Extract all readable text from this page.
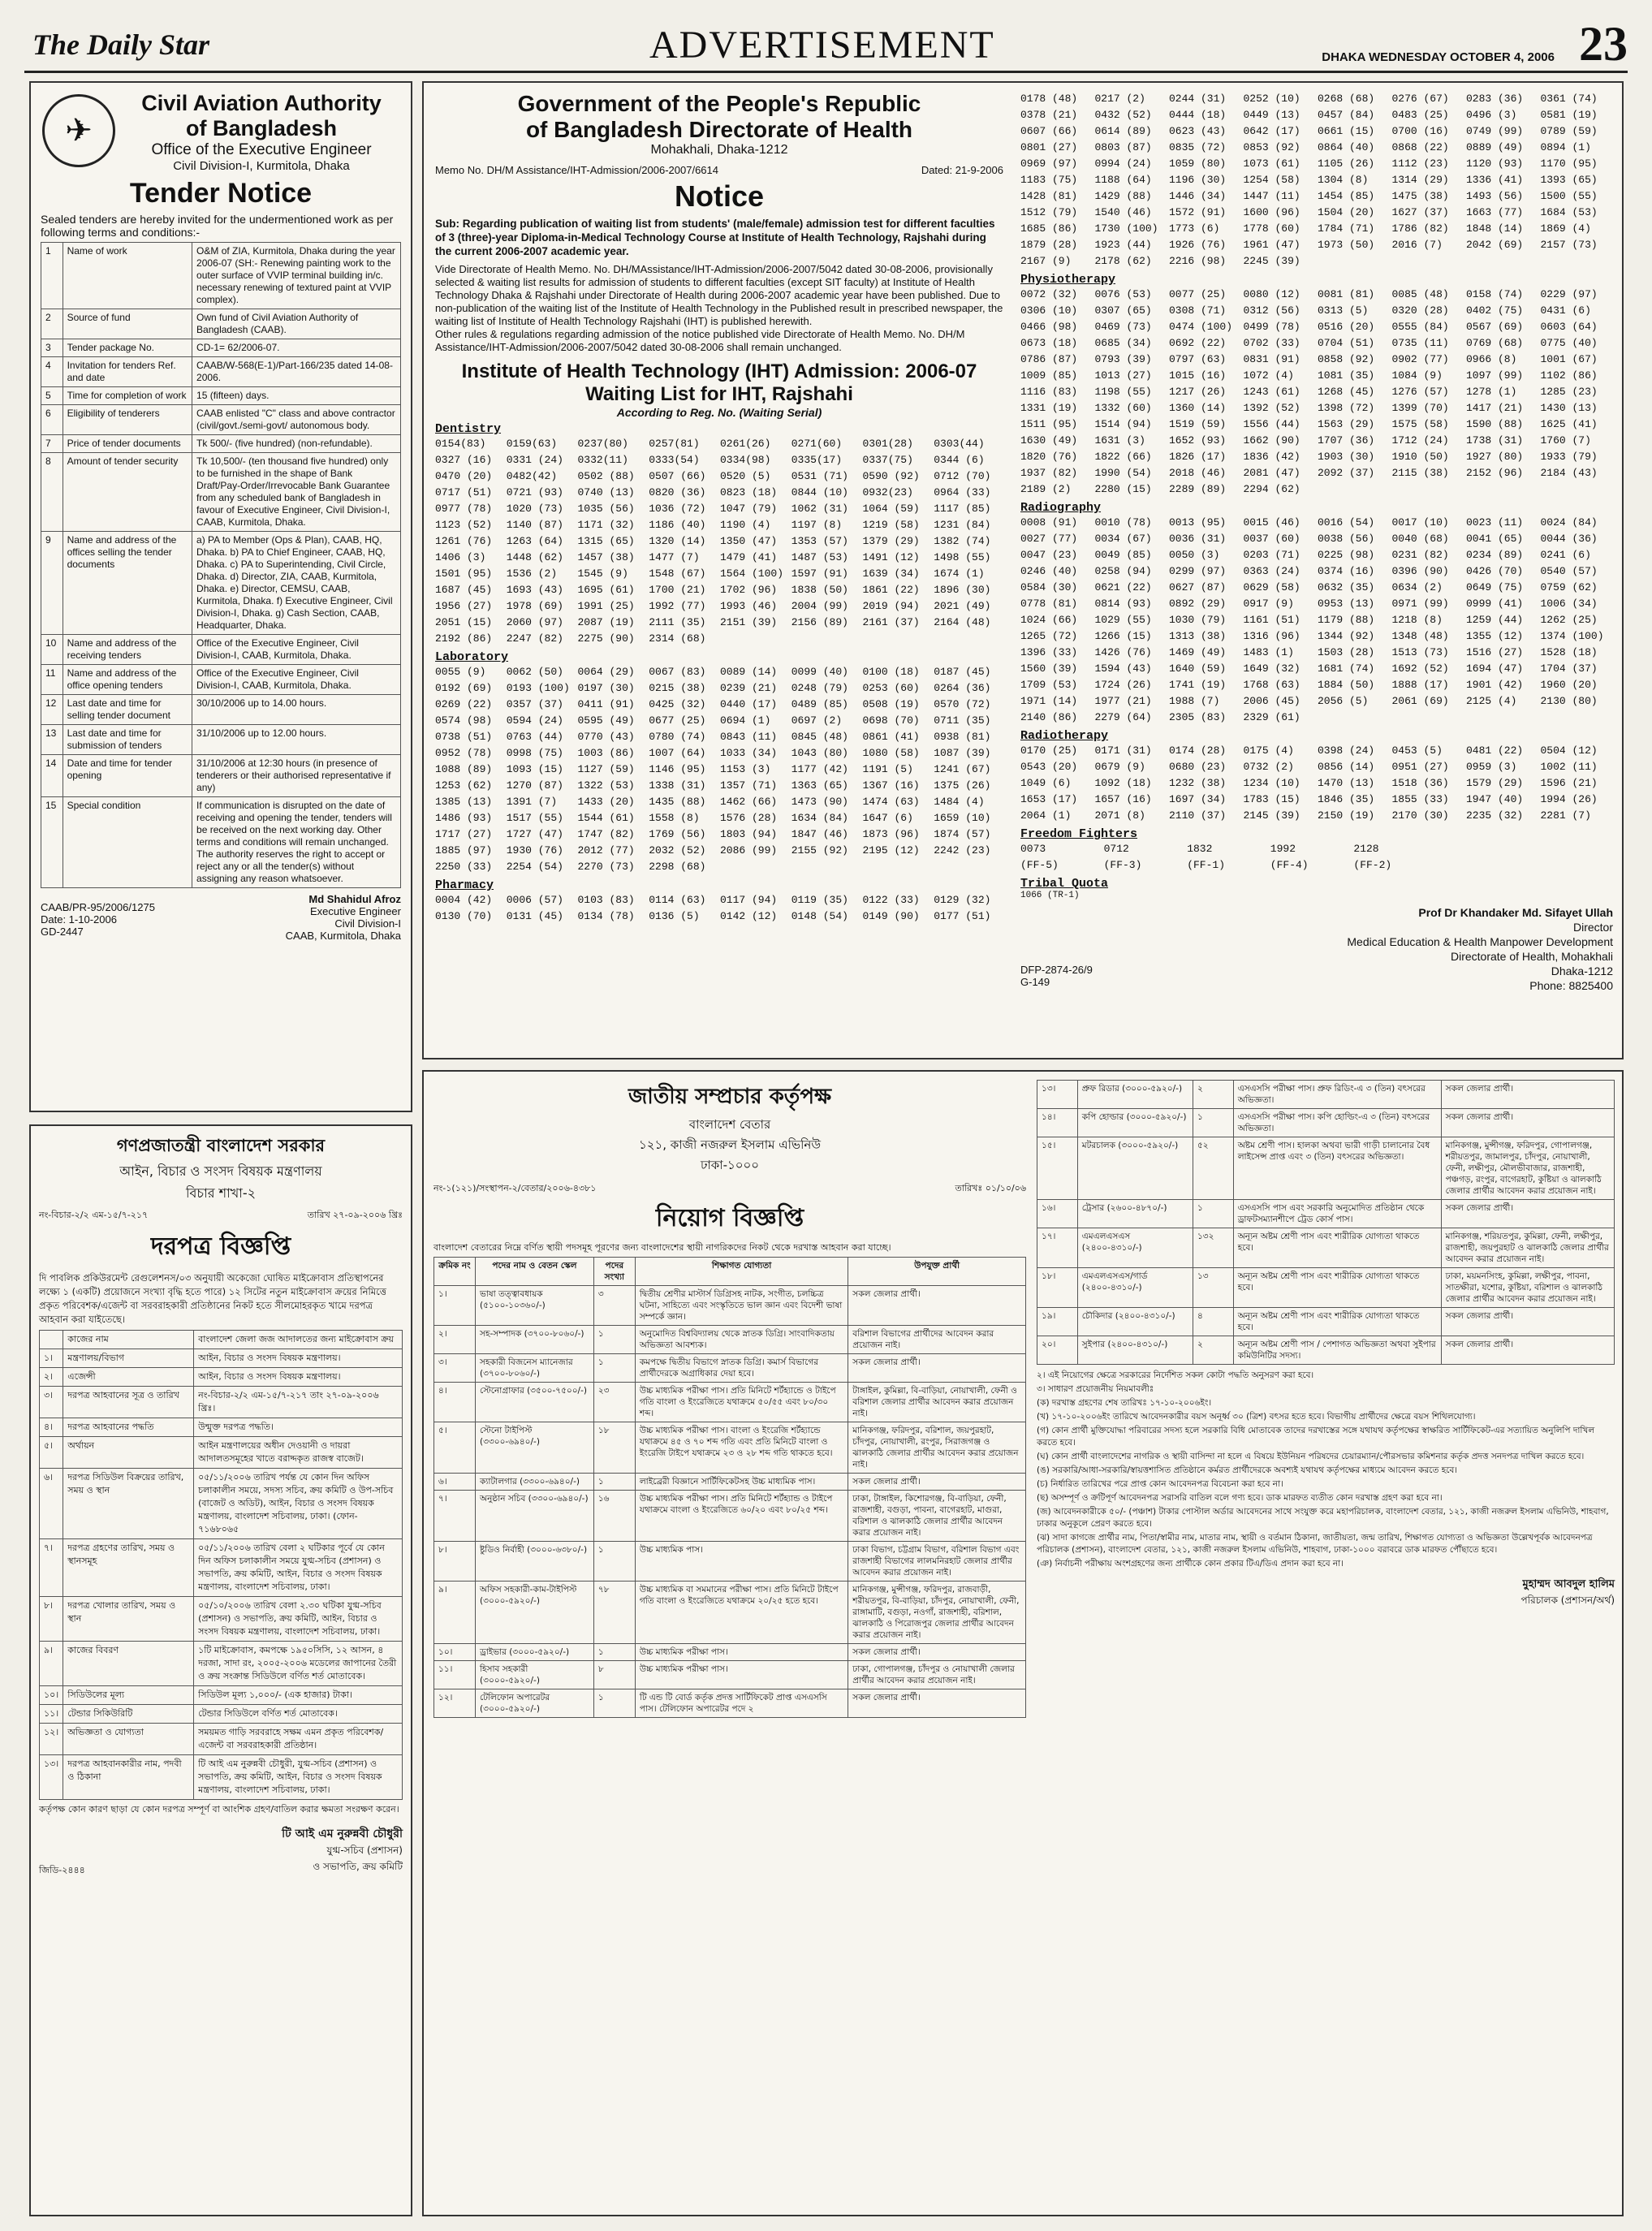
The Daily Star	ADVERTISEMENT	DHAKA WEDNESDAY OCTOBER 4, 2006 23
✈
Civil Aviation Authority
of Bangladesh
Office of the Executive Engineer
Civil Division-I, Kurmitola, Dhaka
Tender Notice
Sealed tenders are hereby invited for the undermentioned work as per following terms and conditions:-
1	Name of work	O&M of ZIA, Kurmitola, Dhaka during the year 2006-07 (SH:- Renewing painting work to the outer surface of VVIP terminal building in/c. necessary renewing of textured paint at VVIP complex).
2	Source of fund	Own fund of Civil Aviation Authority of Bangladesh (CAAB).
3	Tender package No.	CD-1= 62/2006-07.
4	Invitation for tenders Ref. and date	CAAB/W-568(E-1)/Part-166/235 dated 14-08-2006.
5	Time for completion of work	15 (fifteen) days.
6	Eligibility of tenderers	CAAB enlisted "C" class and above contractor (civil/govt./semi-govt/ autonomous body.
7	Price of tender documents	Tk 500/- (five hundred) (non-refundable).
8	Amount of tender security	Tk 10,500/- (ten thousand five hundred) only to be furnished in the shape of Bank Draft/Pay-Order/Irrevocable Bank Guarantee from any scheduled bank of Bangladesh in favour of Executive Engineer, Civil Division-I, CAAB, Kurmitola, Dhaka.
9	Name and address of the offices selling the tender documents	a) PA to Member (Ops & Plan), CAAB, HQ, Dhaka. b) PA to Chief Engineer, CAAB, HQ, Dhaka. c) PA to Superintending, Civil Circle, Dhaka. d) Director, ZIA, CAAB, Kurmitola, Dhaka. e) Director, CEMSU, CAAB, Kurmitola, Dhaka. f) Executive Engineer, Civil Division-I, Dhaka. g) Cash Section, CAAB, Headquarter, Dhaka.
10	Name and address of the receiving tenders	Office of the Executive Engineer, Civil Division-I, CAAB, Kurmitola, Dhaka.
11	Name and address of the office opening tenders	Office of the Executive Engineer, Civil Division-I, CAAB, Kurmitola, Dhaka.
12	Last date and time for selling tender document	30/10/2006 up to 14.00 hours.
13	Last date and time for submission of tenders	31/10/2006 up to 12.00 hours.
14	Date and time for tender opening	31/10/2006 at 12:30 hours (in presence of tenderers or their authorised representative if any)
15	Special condition	If communication is disrupted on the date of receiving and opening the tender, tenders will be received on the next working day. Other terms and conditions will remain unchanged. The authority reserves the right to accept or reject any or all the tender(s) without assigning any reason whatsoever.
Md Shahidul Afroz
Executive Engineer
Civil Division-I
CAAB, Kurmitola, Dhaka
CAAB/PR-95/2006/1275
Date: 1-10-2006
GD-2447
Government of the People's Republic
of Bangladesh Directorate of Health
Mohakhali, Dhaka-1212
Memo No. DH/M Assistance/IHT-Admission/2006-2007/6614	Dated: 21-9-2006
Notice
Sub: Regarding publication of waiting list from students' (male/female) admission test for different faculties of 3 (three)-year Diploma-in-Medical Technology Course at Institute of Health Technology, Rajshahi during the current 2006-2007 academic year.
Vide Directorate of Health Memo. No. DH/MAssistance/IHT-Admission/2006-2007/5042 dated 30-08-2006, provisionally selected & waiting list results for admission of students to different faculties (except SIT faculty) at Institute of Health Technology Dhaka & Rajshahi under Directorate of Health during 2006-2007 academic year have been published. Due to non-publication of the waiting list of the Institute of Health Technology in the Published result in prescribed newspaper, the waiting list of Institute of Health Technology Rajshahi (IHT) is published herewith.
Other rules & regulations regarding admission of the notice published vide Directorate of Health Memo. No. DH/M Assistance/IHT-Admission/2006-2007/5042 dated 30-08-2006 shall remain unchanged.
Institute of Health Technology (IHT) Admission: 2006-07
Waiting List for IHT, Rajshahi
According to Reg. No. (Waiting Serial)
Dentistry
0154(83)	0159(63)	0237(80)	0257(81)	0261(26)	0271(60)	0301(28)	0303(44)
0327 (16)	0331 (24)	0332(11)	0333(54)	0334(98)	0335(17)	0337(75)	0344 (6)
0470 (20)	0482(42)	0502 (88)	0507 (66)	0520 (5)	0531 (71)	0590 (92)	0712 (70)
0717 (51)	0721 (93)	0740 (13)	0820 (36)	0823 (18)	0844 (10)	0932(23)	0964 (33)
0977 (78)	1020 (73)	1035 (56)	1036 (72)	1047 (79)	1062 (31)	1064 (59)	1117 (85)
1123 (52)	1140 (87)	1171 (32)	1186 (40)	1190 (4)	1197 (8)	1219 (58)	1231 (84)
1261 (76)	1263 (64)	1315 (65)	1320 (14)	1350 (47)	1353 (57)	1379 (29)	1382 (74)
1406 (3)	1448 (62)	1457 (38)	1477 (7)	1479 (41)	1487 (53)	1491 (12)	1498 (55)
1501 (95)	1536 (2)	1545 (9)	1548 (67)	1564 (100) 1597 (91)	1639 (34)	1674 (1)
1687 (45)	1693 (43)	1695 (61)	1700 (21)	1702 (96)	1838 (50)	1861 (22)	1896 (30)
1956 (27)	1978 (69)	1991 (25)	1992 (77)	1993 (46)	2004 (99)	2019 (94)	2021 (49)
2051 (15)	2060 (97)	2087 (19)	2111 (35)	2151 (39)	2156 (89)	2161 (37)	2164 (48)
2192 (86)	2247 (82)	2275 (90)	2314 (68)
Laboratory
0055 (9)	0062 (50)	0064 (29)	0067 (83)	0089 (14)	0099 (40)	0100 (18)	0187 (45)
0192 (69)	0193 (100) 0197 (30)	0215 (38)	0239 (21)	0248 (79)	0253 (60)	0264 (36)
0269 (22)	0357 (37)	0411 (91)	0425 (32)	0440 (17)	0489 (85)	0508 (19)	0570 (72)
0574 (98)	0594 (24)	0595 (49)	0677 (25)	0694 (1)	0697 (2)	0698 (70)	0711 (35)
0738 (51)	0763 (44)	0770 (43)	0780 (74)	0843 (11)	0845 (48)	0861 (41)	0938 (81)
0952 (78)	0998 (75)	1003 (86)	1007 (64)	1033 (34)	1043 (80)	1080 (58)	1087 (39)
1088 (89)	1093 (15)	1127 (59)	1146 (95)	1153 (3)	1177 (42)	1191 (5)	1241 (67)
1253 (62)	1270 (87)	1322 (53)	1338 (31)	1357 (71)	1363 (65)	1367 (16)	1375 (26)
1385 (13)	1391 (7)	1433 (20)	1435 (88)	1462 (66)	1473 (90)	1474 (63)	1484 (4)
1486 (93)	1517 (55)	1544 (61)	1558 (8)	1576 (28)	1634 (84)	1647 (6)	1659 (10)
1717 (27)	1727 (47)	1747 (82)	1769 (56)	1803 (94)	1847 (46)	1873 (96)	1874 (57)
1885 (97)	1930 (76)	2012 (77)	2032 (52)	2086 (99)	2155 (92)	2195 (12)	2242 (23)
2250 (33)	2254 (54)	2270 (73)	2298 (68)
Pharmacy
0004 (42)	0006 (57)	0103 (83)	0114 (63)	0117 (94)	0119 (35)	0122 (33)	0129 (32)
0130 (70)	0131 (45)	0134 (78)	0136 (5)	0142 (12)	0148 (54)	0149 (90)	0177 (51)
0178 (48)	0217 (2)	0244 (31)	0252 (10)	0268 (68)	0276 (67)	0283 (36)	0361 (74)
0378 (21)	0432 (52)	0444 (18)	0449 (13)	0457 (84)	0483 (25)	0496 (3)	0581 (19)
0607 (66)	0614 (89)	0623 (43)	0642 (17)	0661 (15)	0700 (16)	0749 (99)	0789 (59)
0801 (27)	0803 (87)	0835 (72)	0853 (92)	0864 (40)	0868 (22)	0889 (49)	0894 (1)
0969 (97)	0994 (24)	1059 (80)	1073 (61)	1105 (26)	1112 (23)	1120 (93)	1170 (95)
1183 (75)	1188 (64)	1196 (30)	1254 (58)	1304 (8)	1314 (29)	1336 (41)	1393 (65)
1428 (81)	1429 (88)	1446 (34)	1447 (11)	1454 (85)	1475 (38)	1493 (56)	1500 (55)
1512 (79)	1540 (46)	1572 (91)	1600 (96)	1504 (20)	1627 (37)	1663 (77)	1684 (53)
1685 (86)	1730 (100)	1773 (6)	1778 (60)	1784 (71)	1786 (82)	1848 (14)	1869 (4)
1879 (28)	1923 (44)	1926 (76)	1961 (47)	1973 (50)	2016 (7)	2042 (69)	2157 (73)
2167 (9)	2178 (62)	2216 (98)	2245 (39)
Physiotherapy
0072 (32)	0076 (53)	0077 (25)	0080 (12)	0081 (81)	0085 (48)	0158 (74)	0229 (97)
0306 (10)	0307 (65)	0308 (71)	0312 (56)	0313 (5)	0320 (28)	0402 (75)	0431 (6)
0466 (98)	0469 (73)	0474 (100)	0499 (78)	0516 (20)	0555 (84)	0567 (69)	0603 (64)
0673 (18)	0685 (34)	0692 (22)	0702 (33)	0704 (51)	0735 (11)	0769 (68)	0775 (40)
0786 (87)	0793 (39)	0797 (63)	0831 (91)	0858 (92)	0902 (77)	0966 (8)	1001 (67)
1009 (85)	1013 (27)	1015 (16)	1072 (4)	1081 (35)	1084 (9)	1097 (99)	1102 (86)
1116 (83)	1198 (55)	1217 (26)	1243 (61)	1268 (45)	1276 (57)	1278 (1)	1285 (23)
1331 (19)	1332 (60)	1360 (14)	1392 (52)	1398 (72)	1399 (70)	1417 (21)	1430 (13)
1511 (95)	1514 (94)	1519 (59)	1556 (44)	1563 (29)	1575 (58)	1590 (88)	1625 (41)
1630 (49)	1631 (3)	1652 (93)	1662 (90)	1707 (36)	1712 (24)	1738 (31)	1760 (7)
1820 (76)	1822 (66)	1826 (17)	1836 (42)	1903 (30)	1910 (50)	1927 (80)	1933 (79)
1937 (82)	1990 (54)	2018 (46)	2081 (47)	2092 (37)	2115 (38)	2152 (96)	2184 (43)
2189 (2)	2280 (15)	2289 (89)	2294 (62)
Radiography
0008 (91)	0010 (78)	0013 (95)	0015 (46)	0016 (54)	0017 (10)	0023 (11)	0024 (84)
0027 (77)	0034 (67)	0036 (31)	0037 (60)	0038 (56)	0040 (68)	0041 (65)	0044 (36)
0047 (23)	0049 (85)	0050 (3)	0203 (71)	0225 (98)	0231 (82)	0234 (89)	0241 (6)
0246 (40)	0258 (94)	0299 (97)	0363 (24)	0374 (16)	0396 (90)	0426 (70)	0540 (57)
0584 (30)	0621 (22)	0627 (87)	0629 (58)	0632 (35)	0634 (2)	0649 (75)	0759 (62)
0778 (81)	0814 (93)	0892 (29)	0917 (9)	0953 (13)	0971 (99)	0999 (41)	1006 (34)
1024 (66)	1029 (55)	1030 (79)	1161 (51)	1179 (88)	1218 (8)	1259 (44)	1262 (25)
1265 (72)	1266 (15)	1313 (38)	1316 (96)	1344 (92)	1348 (48)	1355 (12)	1374 (100)
1396 (33)	1426 (76)	1469 (49)	1483 (1)	1503 (28)	1513 (73)	1516 (27)	1528 (18)
1560 (39)	1594 (43)	1640 (59)	1649 (32)	1681 (74)	1692 (52)	1694 (47)	1704 (37)
1709 (53)	1724 (26)	1741 (19)	1768 (63)	1884 (50)	1888 (17)	1901 (42)	1960 (20)
1971 (14)	1977 (21)	1988 (7)	2006 (45)	2056 (5)	2061 (69)	2125 (4)	2130 (80)
2140 (86)	2279 (64)	2305 (83)	2329 (61)
Radiotherapy
0170 (25)	0171 (31)	0174 (28)	0175 (4)	0398 (24)	0453 (5)	0481 (22)	0504 (12)
0543 (20)	0679 (9)	0680 (23)	0732 (2)	0856 (14)	0951 (27)	0959 (3)	1002 (11)
1049 (6)	1092 (18)	1232 (38)	1234 (10)	1470 (13)	1518 (36)	1579 (29)	1596 (21)
1653 (17)	1657 (16)	1697 (34)	1783 (15)	1846 (35)	1855 (33)	1947 (40)	1994 (26)
2064 (1)	2071 (8)	2110 (37)	2145 (39)	2150 (19)	2170 (30)	2235 (32)	2281 (7)
Freedom Fighters
0073	0712	1832	1992	2128
(FF-5)	(FF-3)	(FF-1)	(FF-4)	(FF-2)
Tribal Quota
1066 (TR-1)
Prof Dr Khandaker Md. Sifayet Ullah
Director
Medical Education & Health Manpower Development
Directorate of Health, Mohakhali
Dhaka-1212
Phone: 8825400
DFP-2874-26/9
G-149
গণপ্রজাতন্ত্রী বাংলাদেশ সরকার
আইন, বিচার ও সংসদ বিষয়ক মন্ত্রণালয়
বিচার শাখা-২
নং-বিচার-২/২ এম-১৫/৭-২১৭	তারিখ ২৭-০৯-২০০৬ খ্রিঃ
দরপত্র বিজ্ঞপ্তি
দি পাবলিক প্রকিউরমেন্ট রেগুলেশনস/০৩ অনুযায়ী অকেজো ঘোষিত মাইক্রোবাস প্রতিস্থাপনের লক্ষ্যে ১ (একটি) প্রয়োজনে সংখ্যা বৃদ্ধি হতে পারে) ১২ সিটের নতুন মাইক্রোবাস ক্রয়ের নিমিত্তে প্রকৃত পরিবেশক/এজেন্ট বা সরবরাহকারী প্রতিষ্ঠানের নিকট হতে সীলমোহরকৃত খামে দরপত্র আহবান করা যাইতেছে।
	কাজের নাম	বাংলাদেশ জেলা জজ আদালতের জন্য মাইক্রোবাস ক্রয়
১।	মন্ত্রণালয়/বিভাগ	আইন, বিচার ও সংসদ বিষয়ক মন্ত্রণালয়।
২।	এজেন্সী	আইন, বিচার ও সংসদ বিষয়ক মন্ত্রণালয়।
৩।	দরপত্র আহবানের সূত্র ও তারিখ	নং-বিচার-২/২ এম-১৫/৭-২১৭ তাং ২৭-০৯-২০০৬ খ্রিঃ।
৪।	দরপত্র আহবানের পদ্ধতি	উন্মুক্ত দরপত্র পদ্ধতি।
৫।	অর্থায়ন	আইন মন্ত্রণালয়ের অধীন দেওয়ানী ও দায়রা আদালতসমূহের খাতে বরাদ্দকৃত রাজস্ব বাজেট।
৬।	দরপত্র সিডিউল বিক্রয়ের তারিখ, সময় ও স্থান	০৫/১১/২০০৬ তারিখ পর্যন্ত যে কোন দিন অফিস চলাকালীন সময়ে, সদস্য সচিব, ক্রয় কমিটি ও উপ-সচিব (বাজেট ও অডিট), আইন, বিচার ও সংসদ বিষয়ক মন্ত্রণালয়, বাংলাদেশ সচিবালয়, ঢাকা। (ফোন- ৭১৬৮০৬৫
৭।	দরপত্র গ্রহণের তারিখ, সময় ও স্থানসমূহ	০৫/১১/২০০৬ তারিখ বেলা ২ ঘটিকার পূর্বে যে কোন দিন অফিস চলাকালীন সময়ে যুগ্ম-সচিব (প্রশাসন) ও সভাপতি, ক্রয় কমিটি, আইন, বিচার ও সংসদ বিষয়ক মন্ত্রণালয়, বাংলাদেশ সচিবালয়, ঢাকা।
৮।	দরপত্র খোলার তারিখ, সময় ও স্থান	০৫/১০/২০০৬ তারিখ বেলা ২.৩০ ঘটিকা যুগ্ম-সচিব (প্রশাসন) ও সভাপতি, ক্রয় কমিটি, আইন, বিচার ও সংসদ বিষয়ক মন্ত্রণালয়, বাংলাদেশ সচিবালয়, ঢাকা।
৯।	কাজের বিবরণ	১টি মাইক্রোবাস, কমপক্ষে ১৯৫০সিসি, ১২ আসন, ৪ দরজা, সাদা রং, ২০০৫-২০০৬ মডেলের জাপানের তৈরী ও ক্রয় সংক্রান্ত সিডিউলে বর্ণিত শর্ত মোতাবেক।
১০।	সিডিউলের মূল্য	সিডিউল মূল্য ১,০০০/- (এক হাজার) টাকা।
১১।	টেন্ডার সিকিউরিটি	টেন্ডার সিডিউলে বর্ণিত শর্ত মোতাবেক।
১২।	অভিজ্ঞতা ও যোগ্যতা	সময়মত গাড়ি সরবরাহে সক্ষম এমন প্রকৃত পরিবেশক/এজেন্ট বা সরবরাহকারী প্রতিষ্ঠান।
১৩।	দরপত্র আহবানকারীর নাম, পদবী ও ঠিকানা	টি আই এম নুরুন্নবী চৌধুরী, যুগ্ম-সচিব (প্রশাসন) ও সভাপতি, ক্রয় কমিটি, আইন, বিচার ও সংসদ বিষয়ক মন্ত্রণালয়, বাংলাদেশ সচিবালয়, ঢাকা।
কর্তৃপক্ষ কোন কারণ ছাড়া যে কোন দরপত্র সম্পূর্ণ বা আংশিক গ্রহণ/বাতিল করার ক্ষমতা সংরক্ষণ করেন।
টি আই এম নুরুন্নবী চৌধুরী
যুগ্ম-সচিব (প্রশাসন)
ও সভাপতি, ক্রয় কমিটি
জিডি-২৪৪৪
জাতীয় সম্প্রচার কর্তৃপক্ষ
বাংলাদেশ বেতার
১২১, কাজী নজরুল ইসলাম এভিনিউ
ঢাকা-১০০০
নং-১(১২১)/সংস্থাপন-২/বেতার/২০০৬-৪৩৮১	তারিখঃ ০১/১০/০৬
নিয়োগ বিজ্ঞপ্তি
বাংলাদেশ বেতারের নিম্নে বর্ণিত স্থায়ী পদসমূহ পূরণের জন্য বাংলাদেশের স্থায়ী নাগরিকদের নিকট থেকে দরখাস্ত আহবান করা যাচ্ছে।
ক্রমিক নং	পদের নাম ও বেতন স্কেল	পদের সংখ্যা	শিক্ষাগত যোগ্যতা	উপযুক্ত প্রার্থী
১।	ভাষা তত্ত্বাবধায়ক (৫১০০-১০৩৬০/-)	৩	দ্বিতীয় শ্রেণীর মাস্টার্স ডিগ্রিসহ নাটক, সংগীত, চলচ্চিত্র ঘটনা, সাহিত্যে এবং সংস্কৃতিতে ভাল জ্ঞান এবং বিদেশী ভাষা সম্পর্কে জ্ঞান।	সকল জেলার প্রার্থী।
২।	সহ-সম্পাদক (৩৭০০-৮০৬০/-)	১	অনুমোদিত বিশ্ববিদ্যালয় থেকে স্নাতক ডিগ্রি। সাংবাদিকতায় অভিজ্ঞতা আবশ্যক।	বরিশাল বিভাগের প্রার্থীদের আবেদন করার প্রয়োজন নাই।
৩।	সহকারী বিজনেস ম্যানেজার (৩৭০০-৮০৬০/-)	১	কমপক্ষে দ্বিতীয় বিভাগে স্নাতক ডিগ্রি। কমার্স বিভাগের প্রার্থীদেরকে অগ্রাধিকার দেয়া হবে।	সকল জেলার প্রার্থী।
৪।	স্টেনোগ্রাফার (৩৫০০-৭৫০০/-)	২৩	উচ্চ মাধ্যমিক পরীক্ষা পাস। প্রতি মিনিটে শর্টহ্যান্ডে ও টাইপে গতি বাংলা ও ইংরেজিতে যথাক্রমে ৫০/৫৫ এবং ৮০/৩০ শব্দ।	টাঙ্গাইল, কুমিল্লা, বি-বাড়িয়া, নোয়াখালী, ফেনী ও বরিশাল জেলার প্রার্থীর আবেদন করার প্রয়োজন নাই।
৫।	স্টেনো টাইপিস্ট (৩৩০০-৬৯৪০/-)	১৮	উচ্চ মাধ্যমিক পরীক্ষা পাস। বাংলা ও ইংরেজি শর্টহ্যান্ডে যথাক্রমে ৪৫ ও ৭০ শব্দ গতি এবং প্রতি মিনিটে বাংলা ও ইংরেজি টাইপে যথাক্রমে ২৩ ও ২৮ শব্দ গতি থাকতে হবে।	মানিকগঞ্জ, ফরিদপুর, বরিশাল, জয়পুরহাট, চাঁদপুর, নোয়াখালী, রংপুর, সিরাজগঞ্জ ও ঝালকাঠি জেলার প্রার্থীর আবেদন করার প্রয়োজন নাই।
৬।	ক্যাটালগার (৩৩০০-৬৯৪০/-)	১	লাইব্রেরী বিজ্ঞানে সার্টিফিকেটসহ উচ্চ মাধ্যমিক পাস।	সকল জেলার প্রার্থী।
৭।	অনুষ্ঠান সচিব (৩৩০০-৬৯৪০/-)	১৬	উচ্চ মাধ্যমিক পরীক্ষা পাস। প্রতি মিনিটে শর্টহ্যান্ড ও টাইপে যথাক্রমে বাংলা ও ইংরেজিতে ৬০/২০ এবং ৮০/২৫ শব্দ।	ঢাকা, টাঙ্গাইল, কিশোরগঞ্জ, বি-বাড়িয়া, ফেনী, রাজশাহী, বগুড়া, পাবনা, বাগেরহাট, মাগুরা, বরিশাল ও ঝালকাঠি জেলার প্রার্থীর আবেদন করার প্রয়োজন নাই।
৮।	ষ্টুডিও নির্বাহী (৩০০০-৬৩৮০/-)	১	উচ্চ মাধ্যমিক পাস।	ঢাকা বিভাগ, চট্টগ্রাম বিভাগ, বরিশাল বিভাগ এবং রাজশাহী বিভাগের লালমনিরহাট জেলার প্রার্থীর আবেদন করার প্রয়োজন নাই।
৯।	অফিস সহকারী-কাম-টাইপিস্ট (৩০০০-৫৯২০/-)	৭৮	উচ্চ মাধ্যমিক বা সমমানের পরীক্ষা পাস। প্রতি মিনিটে টাইপে গতি বাংলা ও ইংরেজিতে যথাক্রমে ২০/২৫ হতে হবে।	মানিকগঞ্জ, মুন্সীগঞ্জ, ফরিদপুর, রাজবাড়ী, শরীয়তপুর, বি-বাড়িয়া, চাঁদপুর, নোয়াখালী, ফেনী, রাঙ্গামাটি, বগুড়া, নওগাঁ, রাজশাহী, বরিশাল, ঝালকাঠি ও পিরোজপুর জেলার প্রার্থীর আবেদন করার প্রয়োজন নাই।
১০।	ড্রাইভার (৩০০০-৫৯২০/-)	১	উচ্চ মাধ্যমিক পরীক্ষা পাস।	সকল জেলার প্রার্থী।
১১।	হিসাব সহকারী (৩০০০-৫৯২০/-)	৮	উচ্চ মাধ্যমিক পরীক্ষা পাস।	ঢাকা, গোপালগঞ্জ, চাঁদপুর ও নোয়াখালী জেলার প্রার্থীর আবেদন করার প্রয়োজন নাই।
১২।	টেলিফোন অপারেটর (৩০০০-৫৯২০/-)	১	টি এন্ড টি বোর্ড কর্তৃক প্রদত্ত সার্টিফিকেট প্রাপ্ত এসএসসি পাস। টেলিফোন অপারেটর পদে ২	সকল জেলার প্রার্থী।
১৩।	প্রুফ রিডার (৩০০০-৫৯২০/-)	২	এসএসসি পরীক্ষা পাস। প্রুফ রিডিং-এ ৩ (তিন) বৎসরের অভিজ্ঞতা।	সকল জেলার প্রার্থী।
১৪।	কপি হোল্ডার (৩০০০-৫৯২০/-)	১	এসএসসি পরীক্ষা পাস। কপি হোল্ডিং-এ ৩ (তিন) বৎসরের অভিজ্ঞতা।	সকল জেলার প্রার্থী।
১৫।	মটরচালক (৩০০০-৫৯২০/-)	৫২	অষ্টম শ্রেণী পাস। হালকা অথবা ভারী গাড়ী চালানোর বৈধ লাইসেন্স প্রাপ্ত এবং ৩ (তিন) বৎসরের অভিজ্ঞতা।	মানিকগঞ্জ, মুন্সীগঞ্জ, ফরিদপুর, গোপালগঞ্জ, শরীয়তপুর, জামালপুর, চাঁদপুর, নোয়াখালী, ফেনী, লক্ষীপুর, মৌলভীবাজার, রাজশাহী, পঞ্চগড়, রংপুর, বাগেরহাট, কুষ্টিয়া ও ঝালকাঠি জেলার প্রার্থীর আবেদন করার প্রয়োজন নাই।
১৬।	ট্রেসার (২৬০০-৪৮৭০/-)	১	এসএসসি পাস এবং সরকারি অনুমোদিত প্রতিষ্ঠান থেকে ড্রাফটসম্যানশীপে ট্রেড কোর্স পাস।	সকল জেলার প্রার্থী।
১৭।	এমএলএসএস (২৪০০-৪৩১০/-)	১৩২	অন্যূন অষ্টম শ্রেণী পাস এবং শারীরিক যোগ্যতা থাকতে হবে।	মানিকগঞ্জ, শরিয়তপুর, কুমিল্লা, ফেনী, লক্ষীপুর, রাজশাহী, জয়পুরহাট ও ঝালকাঠি জেলার প্রার্থীর আবেদন করার প্রয়োজন নাই।
১৮।	এমএলএসএস/গার্ড (২৪০০-৪৩১০/-)	১৩	অন্যূন অষ্টম শ্রেণী পাস এবং শারীরিক যোগ্যতা থাকতে হবে।	ঢাকা, ময়মনসিংহ, কুমিল্লা, লক্ষীপুর, পাবনা, সাতক্ষীরা, যশোর, কুষ্টিয়া, বরিশাল ও ঝালকাঠি জেলার প্রার্থীর আবেদন করার প্রয়োজন নাই।
১৯।	চৌকিদার (২৪০০-৪৩১০/-)	৪	অন্যূন অষ্টম শ্রেণী পাস এবং শারীরিক যোগ্যতা থাকতে হবে।	সকল জেলার প্রার্থী।
২০।	সুইপার (২৪০০-৪৩১০/-)	২	অন্যূন অষ্টম শ্রেণী পাস / পেশাগত অভিজ্ঞতা অথবা সুইপার কমিউনিটির সদস্য।	সকল জেলার প্রার্থী।
২। এই নিয়োগের ক্ষেত্রে সরকারের নির্দেশিত সকল কোটা পদ্ধতি অনুসরণ করা হবে।
৩। সাধারণ প্রয়োজনীয় নিয়মাবলীঃ
(ক) দরখাস্ত গ্রহণের শেষ তারিখঃ ১৭-১০-২০০৬ইং।
(খ) ১৭-১০-২০০৬ইং তারিখে আবেদনকারীর বয়স অনূর্ধ্ব ৩০ (ত্রিশ) বৎসর হতে হবে। বিভাগীয় প্রার্থীদের ক্ষেত্রে বয়স শিথিলযোগ্য।
(গ) কোন প্রার্থী মুক্তিযোদ্ধা পরিবারের সদস্য হলে সরকারি বিধি মোতাবেক তাদের দরখাস্তের সঙ্গে যথাযথ কর্তৃপক্ষের স্বাক্ষরিত সার্টিফিকেট-এর সত্যায়িত অনুলিপি দাখিল করতে হবে।
(ঘ) কোন প্রার্থী বাংলাদেশের নাগরিক ও স্থায়ী বাসিন্দা না হলে এ বিষয়ে ইউনিয়ন পরিষদের চেয়ারম্যান/পৌরসভার কমিশনার কর্তৃক প্রদত্ত সনদপত্র দাখিল করতে হবে।
(ঙ) সরকারি/আধা-সরকারি/স্বায়ত্তশাসিত প্রতিষ্ঠানে কর্মরত প্রার্থীদেরকে অবশ্যই যথাযথ কর্তৃপক্ষের মাধ্যমে আবেদন করতে হবে।
(চ) নির্ধারিত তারিখের পরে প্রাপ্ত কোন আবেদনপত্র বিবেচনা করা হবে না।
(ছ) অসম্পূর্ণ ও ক্রটিপূর্ণ আবেদনপত্র সরাসরি বাতিল বলে গণ্য হবে। ডাক মারফত ব্যতীত কোন দরখাস্ত গ্রহণ করা হবে না।
(জ) আবেদনকারীকে ৫০/- (পঞ্চাশ) টাকার পোস্টাল অর্ডার আবেদনের সাথে সংযুক্ত করে মহাপরিচালক, বাংলাদেশ বেতার, ১২১, কাজী নজরুল ইসলাম এভিনিউ, শাহবাগ, ঢাকার অনুকূলে প্রেরণ করতে হবে।
(ঝ) সাদা কাগজে প্রার্থীর নাম, পিতা/স্বামীর নাম, মাতার নাম, স্থায়ী ও বর্তমান ঠিকানা, জাতীয়তা, জন্ম তারিখ, শিক্ষাগত যোগ্যতা ও অভিজ্ঞতা উল্লেখপূর্বক আবেদনপত্র পরিচালক (প্রশাসন), বাংলাদেশ বেতার, ১২১, কাজী নজরুল ইসলাম এভিনিউ, শাহবাগ, ঢাকা-১০০০ বরাবরে ডাক মারফত পৌঁছাতে হবে।
(ঞ) নির্বাচনী পরীক্ষায় অংশগ্রহণের জন্য প্রার্থীকে কোন প্রকার টিএ/ডিএ প্রদান করা হবে না।
মুহাম্মদ আবদুল হালিম
পরিচালক (প্রশাসন/অর্থ)
